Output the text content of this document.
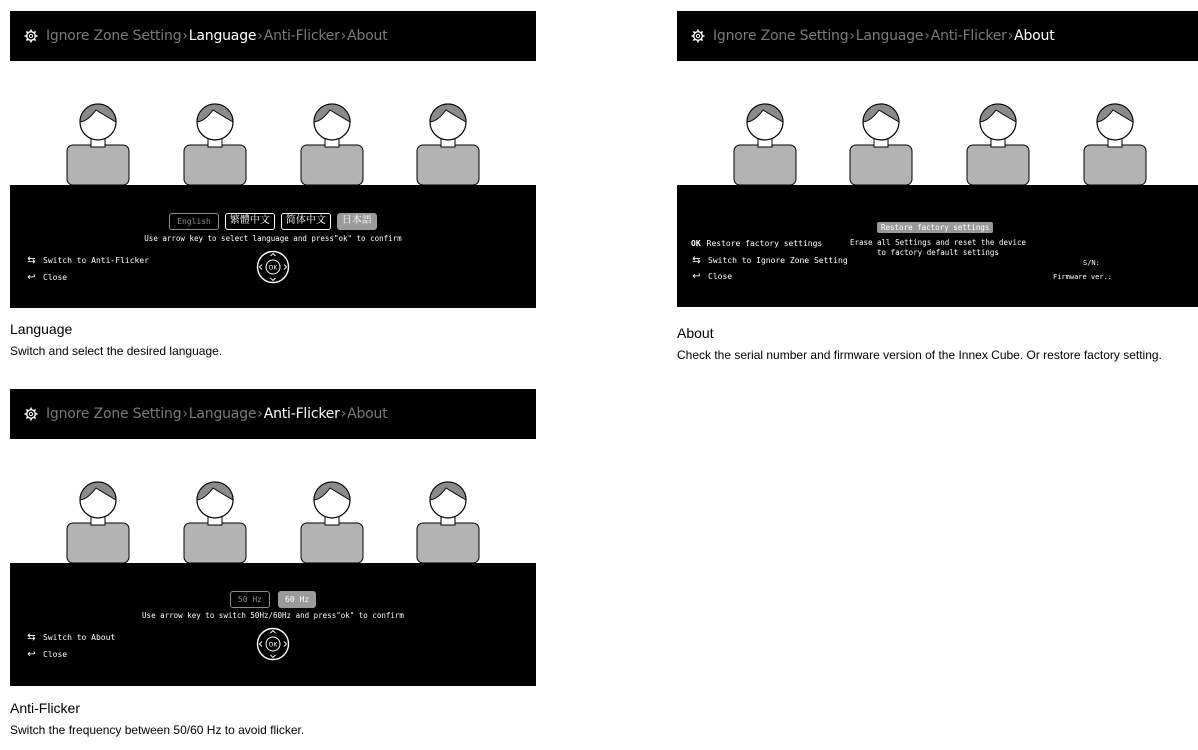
Ignore Zone Setting › Language › Anti-Flicker › About
English	繁體中文	简体中文	日本語
Use arrow key to select language and press"ok" to confirm
⇆ Switch to Anti-Flicker
↩ Close
OK
Language
Switch and select the desired language.
Ignore Zone Setting › Language › Anti-Flicker › About
50 Hz	60 Hz
Use arrow key to switch 50Hz/60Hz and press"ok" to confirm
⇆ Switch to About
↩ Close
OK
Anti-Flicker
Switch the frequency between 50/60 Hz to avoid flicker.
Ignore Zone Setting › Language › Anti-Flicker › About
Restore factory settings
Erase all Settings and reset the device
to factory default settings
OK Restore factory settings
⇆ Switch to Ignore Zone Setting
↩ Close
S/N:
Firmware ver.:
About
Check the serial number and firmware version of the Innex Cube. Or restore factory setting.
